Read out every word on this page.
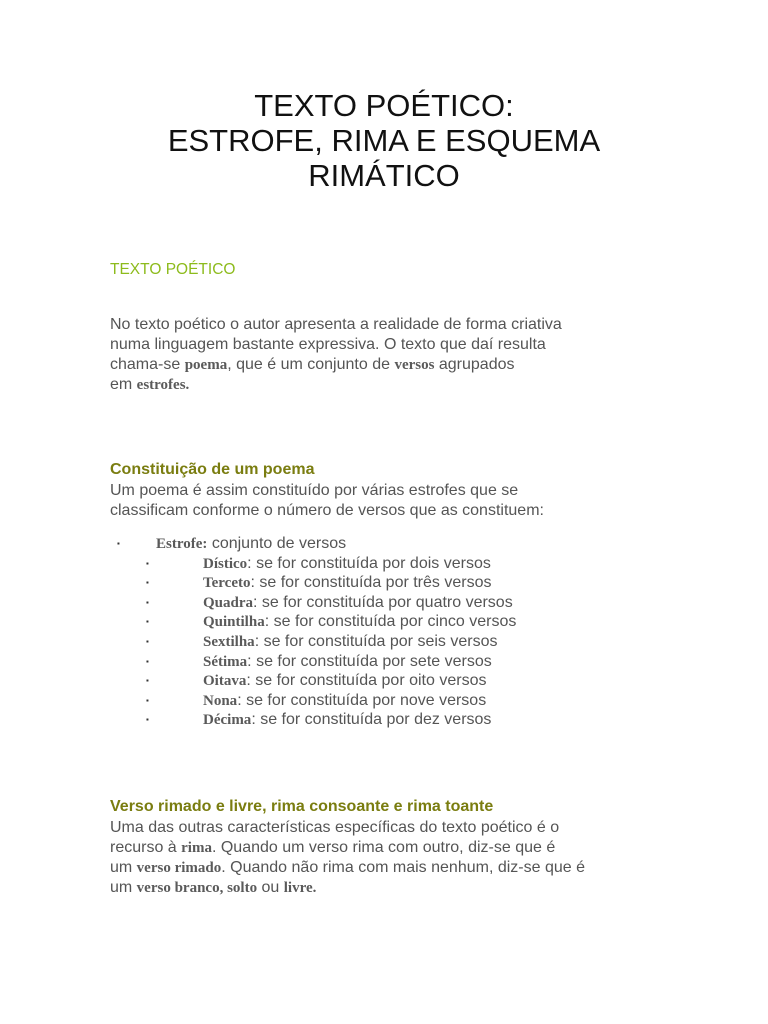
TEXTO POÉTICO:
ESTROFE, RIMA E ESQUEMA
RIMÁTICO
TEXTO POÉTICO
No texto poético o autor apresenta a realidade de forma criativa
numa linguagem bastante expressiva. O texto que daí resulta
chama-se poema, que é um conjunto de versos agrupados
em estrofes.
Constituição de um poema
Um poema é assim constituído por várias estrofes que se
classificam conforme o número de versos que as constituem:
▪ Estrofe: conjunto de versos
▪	Dístico: se for constituída por dois versos
▪	Terceto: se for constituída por três versos
▪	Quadra: se for constituída por quatro versos
▪	Quintilha: se for constituída por cinco versos
▪	Sextilha: se for constituída por seis versos
▪	Sétima: se for constituída por sete versos
▪	Oitava: se for constituída por oito versos
▪	Nona: se for constituída por nove versos
▪	Décima: se for constituída por dez versos
Verso rimado e livre, rima consoante e rima toante
Uma das outras características específicas do texto poético é o
recurso à rima. Quando um verso rima com outro, diz-se que é
um verso rimado. Quando não rima com mais nenhum, diz-se que é
um verso branco, solto ou livre.
